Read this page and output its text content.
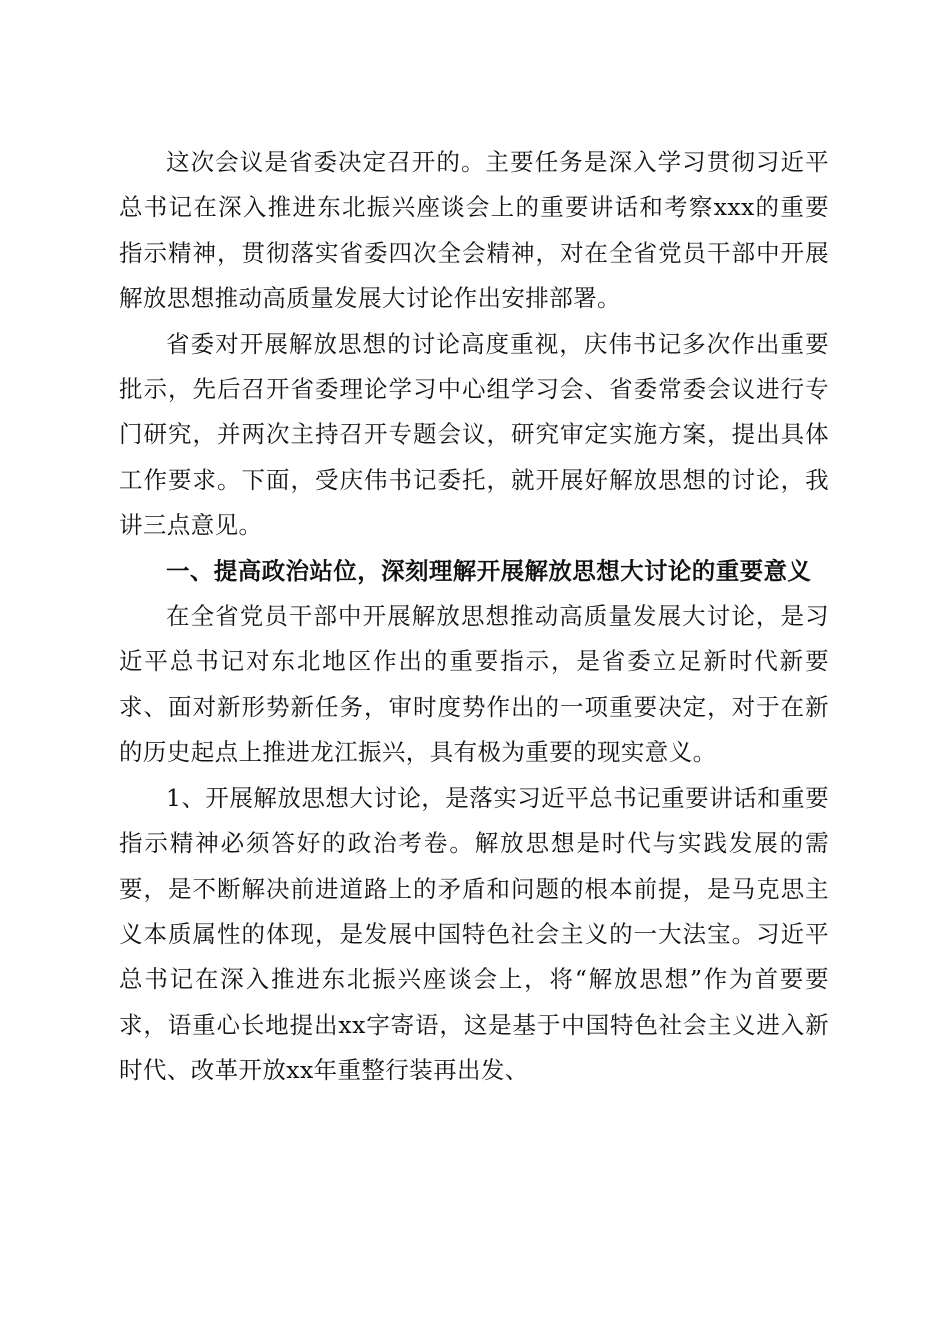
这次会议是省委决定召开的。主要任务是深入学习贯彻习近平总书记在深入推进东北振兴座谈会上的重要讲话和考察xxx的重要指示精神，贯彻落实省委四次全会精神，对在全省党员干部中开展解放思想推动高质量发展大讨论作出安排部署。

省委对开展解放思想的讨论高度重视，庆伟书记多次作出重要批示，先后召开省委理论学习中心组学习会、省委常委会议进行专门研究，并两次主持召开专题会议，研究审定实施方案，提出具体工作要求。下面，受庆伟书记委托，就开展好解放思想的讨论，我讲三点意见。

一、提高政治站位，深刻理解开展解放思想大讨论的重要意义

在全省党员干部中开展解放思想推动高质量发展大讨论，是习近平总书记对东北地区作出的重要指示，是省委立足新时代新要求、面对新形势新任务，审时度势作出的一项重要决定，对于在新的历史起点上推进龙江振兴，具有极为重要的现实意义。

1、开展解放思想大讨论，是落实习近平总书记重要讲话和重要指示精神必须答好的政治考卷。解放思想是时代与实践发展的需要，是不断解决前进道路上的矛盾和问题的根本前提，是马克思主义本质属性的体现，是发展中国特色社会主义的一大法宝。习近平总书记在深入推进东北振兴座谈会上，将“解放思想”作为首要要求，语重心长地提出xx字寄语，这是基于中国特色社会主义进入新时代、改革开放xx年重整行装再出发、
